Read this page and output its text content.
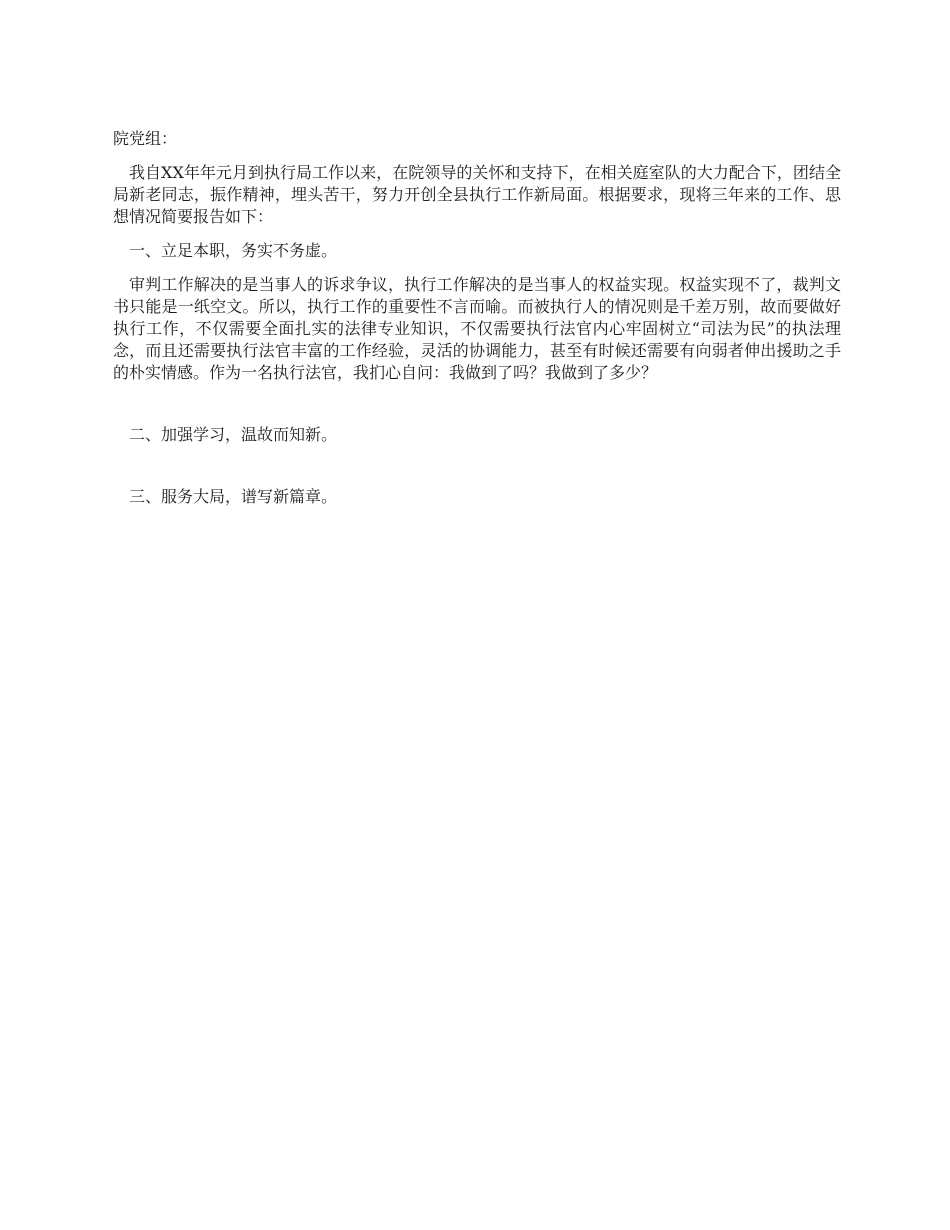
院党组：

我自XX年年元月到执行局工作以来，在院领导的关怀和支持下，在相关庭室队的大力配合下，团结全局新老同志，振作精神，埋头苦干，努力开创全县执行工作新局面。根据要求，现将三年来的工作、思想情况简要报告如下：

一、立足本职，务实不务虚。

审判工作解决的是当事人的诉求争议，执行工作解决的是当事人的权益实现。权益实现不了，裁判文书只能是一纸空文。所以，执行工作的重要性不言而喻。而被执行人的情况则是千差万别，故而要做好执行工作，不仅需要全面扎实的法律专业知识，不仅需要执行法官内心牢固树立“司法为民”的执法理念，而且还需要执行法官丰富的工作经验，灵活的协调能力，甚至有时候还需要有向弱者伸出援助之手的朴实情感。作为一名执行法官，我扪心自问：我做到了吗？我做到了多少？

二、加强学习，温故而知新。

三、服务大局，谱写新篇章。
